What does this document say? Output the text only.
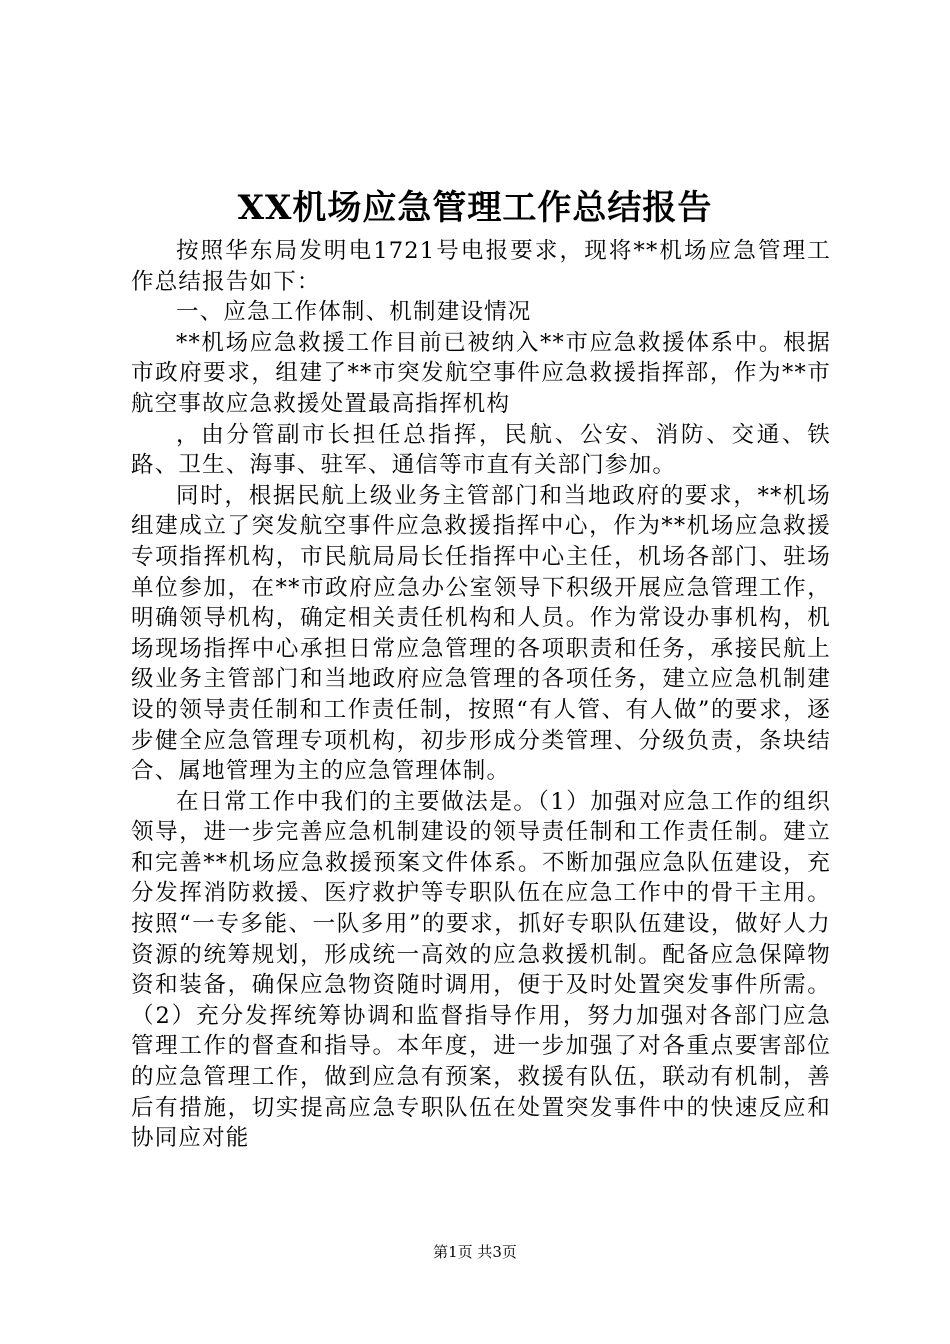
XX机场应急管理工作总结报告

按照华东局发明电1721号电报要求，现将**机场应急管理工作总结报告如下：

一、应急工作体制、机制建设情况

**机场应急救援工作目前已被纳入**市应急救援体系中。根据市政府要求，组建了**市突发航空事件应急救援指挥部，作为**市航空事故应急救援处置最高指挥机构

，由分管副市长担任总指挥，民航、公安、消防、交通、铁路、卫生、海事、驻军、通信等市直有关部门参加。

同时，根据民航上级业务主管部门和当地政府的要求，**机场组建成立了突发航空事件应急救援指挥中心，作为**机场应急救援专项指挥机构，市民航局局长任指挥中心主任，机场各部门、驻场单位参加，在**市政府应急办公室领导下积级开展应急管理工作，明确领导机构，确定相关责任机构和人员。作为常设办事机构，机场现场指挥中心承担日常应急管理的各项职责和任务，承接民航上级业务主管部门和当地政府应急管理的各项任务，建立应急机制建设的领导责任制和工作责任制，按照“有人管、有人做”的要求，逐步健全应急管理专项机构，初步形成分类管理、分级负责，条块结合、属地管理为主的应急管理体制。

在日常工作中我们的主要做法是。（1）加强对应急工作的组织领导，进一步完善应急机制建设的领导责任制和工作责任制。建立和完善**机场应急救援预案文件体系。不断加强应急队伍建设，充分发挥消防救援、医疗救护等专职队伍在应急工作中的骨干主用。按照“一专多能、一队多用”的要求，抓好专职队伍建设，做好人力资源的统筹规划，形成统一高效的应急救援机制。配备应急保障物资和装备，确保应急物资随时调用，便于及时处置突发事件所需。（2）充分发挥统筹协调和监督指导作用，努力加强对各部门应急管理工作的督查和指导。本年度，进一步加强了对各重点要害部位的应急管理工作，做到应急有预案，救援有队伍，联动有机制，善后有措施，切实提高应急专职队伍在处置突发事件中的快速反应和协同应对能

第1页 共3页
